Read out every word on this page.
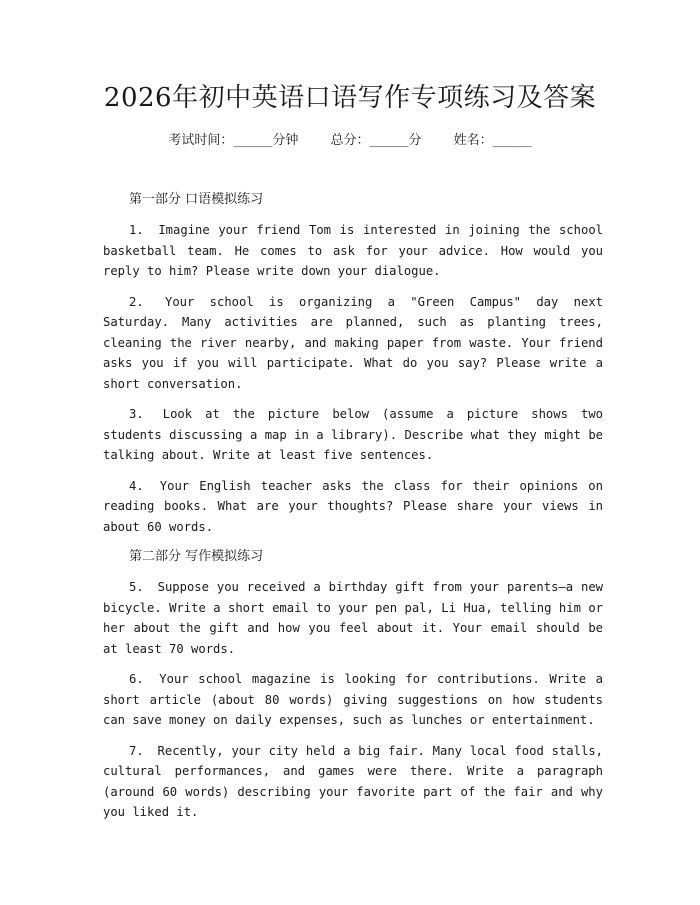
2026年初中英语口语写作专项练习及答案
考试时间：______分钟 总分：______分 姓名：______
第一部分 口语模拟练习

1. Imagine your friend Tom is interested in joining the school basketball team. He comes to ask for your advice. How would you reply to him? Please write down your dialogue.

2. Your school is organizing a "Green Campus" day next Saturday. Many activities are planned, such as planting trees, cleaning the river nearby, and making paper from waste. Your friend asks you if you will participate. What do you say? Please write a short conversation.

3. Look at the picture below (assume a picture shows two students discussing a map in a library). Describe what they might be talking about. Write at least five sentences.

4. Your English teacher asks the class for their opinions on reading books. What are your thoughts? Please share your views in about 60 words.

第二部分 写作模拟练习

5. Suppose you received a birthday gift from your parents—a new bicycle. Write a short email to your pen pal, Li Hua, telling him or her about the gift and how you feel about it. Your email should be at least 70 words.

6. Your school magazine is looking for contributions. Write a short article (about 80 words) giving suggestions on how students can save money on daily expenses, such as lunches or entertainment.

7. Recently, your city held a big fair. Many local food stalls, cultural performances, and games were there. Write a paragraph (around 60 words) describing your favorite part of the fair and why you liked it.
